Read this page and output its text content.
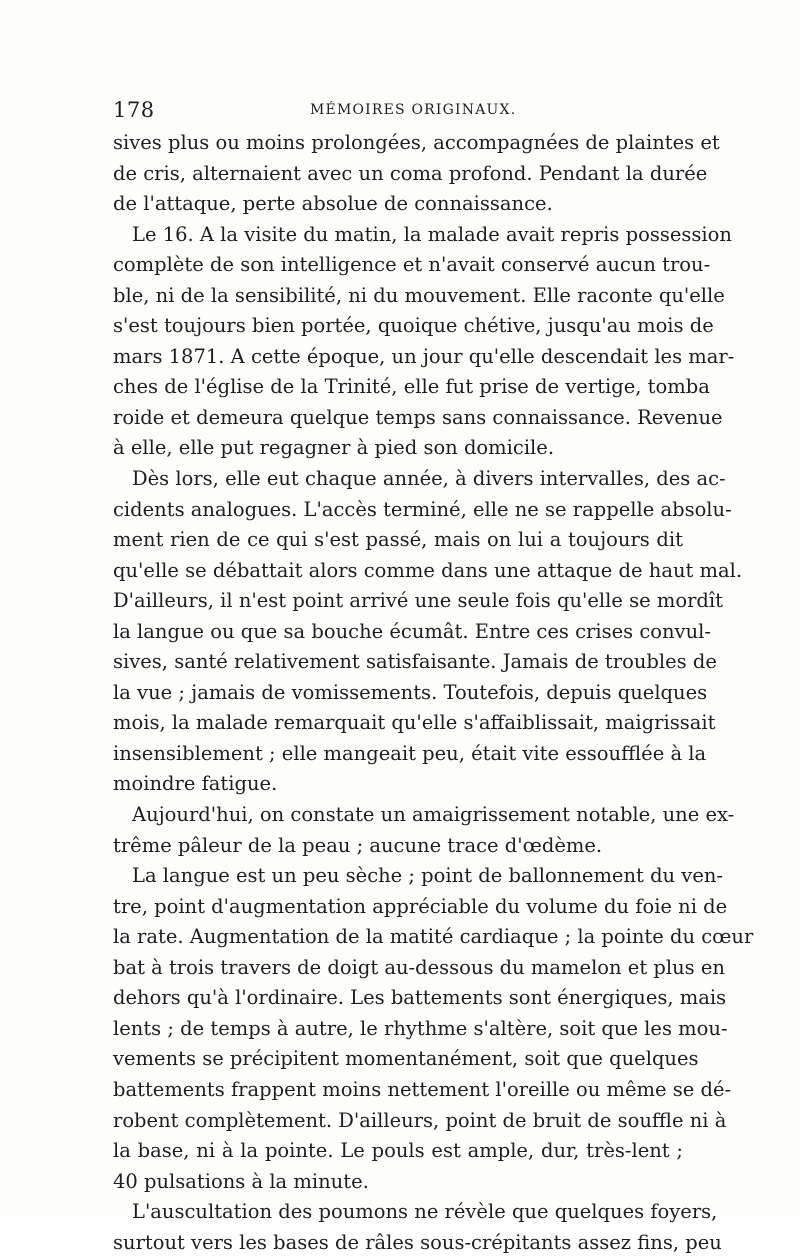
178	MÉMOIRES ORIGINAUX.
sives plus ou moins prolongées, accompagnées de plaintes et
de cris, alternaient avec un coma profond. Pendant la durée
de l'attaque, perte absolue de connaissance.
Le 16. A la visite du matin, la malade avait repris possession
complète de son intelligence et n'avait conservé aucun trou-
ble, ni de la sensibilité, ni du mouvement. Elle raconte qu'elle
s'est toujours bien portée, quoique chétive, jusqu'au mois de
mars 1871. A cette époque, un jour qu'elle descendait les mar-
ches de l'église de la Trinité, elle fut prise de vertige, tomba
roide et demeura quelque temps sans connaissance. Revenue
à elle, elle put regagner à pied son domicile.
Dès lors, elle eut chaque année, à divers intervalles, des ac-
cidents analogues. L'accès terminé, elle ne se rappelle absolu-
ment rien de ce qui s'est passé, mais on lui a toujours dit
qu'elle se débattait alors comme dans une attaque de haut mal.
D'ailleurs, il n'est point arrivé une seule fois qu'elle se mordît
la langue ou que sa bouche écumât. Entre ces crises convul-
sives, santé relativement satisfaisante. Jamais de troubles de
la vue ; jamais de vomissements. Toutefois, depuis quelques
mois, la malade remarquait qu'elle s'affaiblissait, maigrissait
insensiblement ; elle mangeait peu, était vite essoufflée à la
moindre fatigue.
Aujourd'hui, on constate un amaigrissement notable, une ex-
trême pâleur de la peau ; aucune trace d'œdème.
La langue est un peu sèche ; point de ballonnement du ven-
tre, point d'augmentation appréciable du volume du foie ni de
la rate. Augmentation de la matité cardiaque ; la pointe du cœur
bat à trois travers de doigt au-dessous du mamelon et plus en
dehors qu'à l'ordinaire. Les battements sont énergiques, mais
lents ; de temps à autre, le rhythme s'altère, soit que les mou-
vements se précipitent momentanément, soit que quelques
battements frappent moins nettement l'oreille ou même se dé-
robent complètement. D'ailleurs, point de bruit de souffle ni à
la base, ni à la pointe. Le pouls est ample, dur, très-lent ;
40 pulsations à la minute.
L'auscultation des poumons ne révèle que quelques foyers,
surtout vers les bases de râles sous-crépitants assez fins, peu
